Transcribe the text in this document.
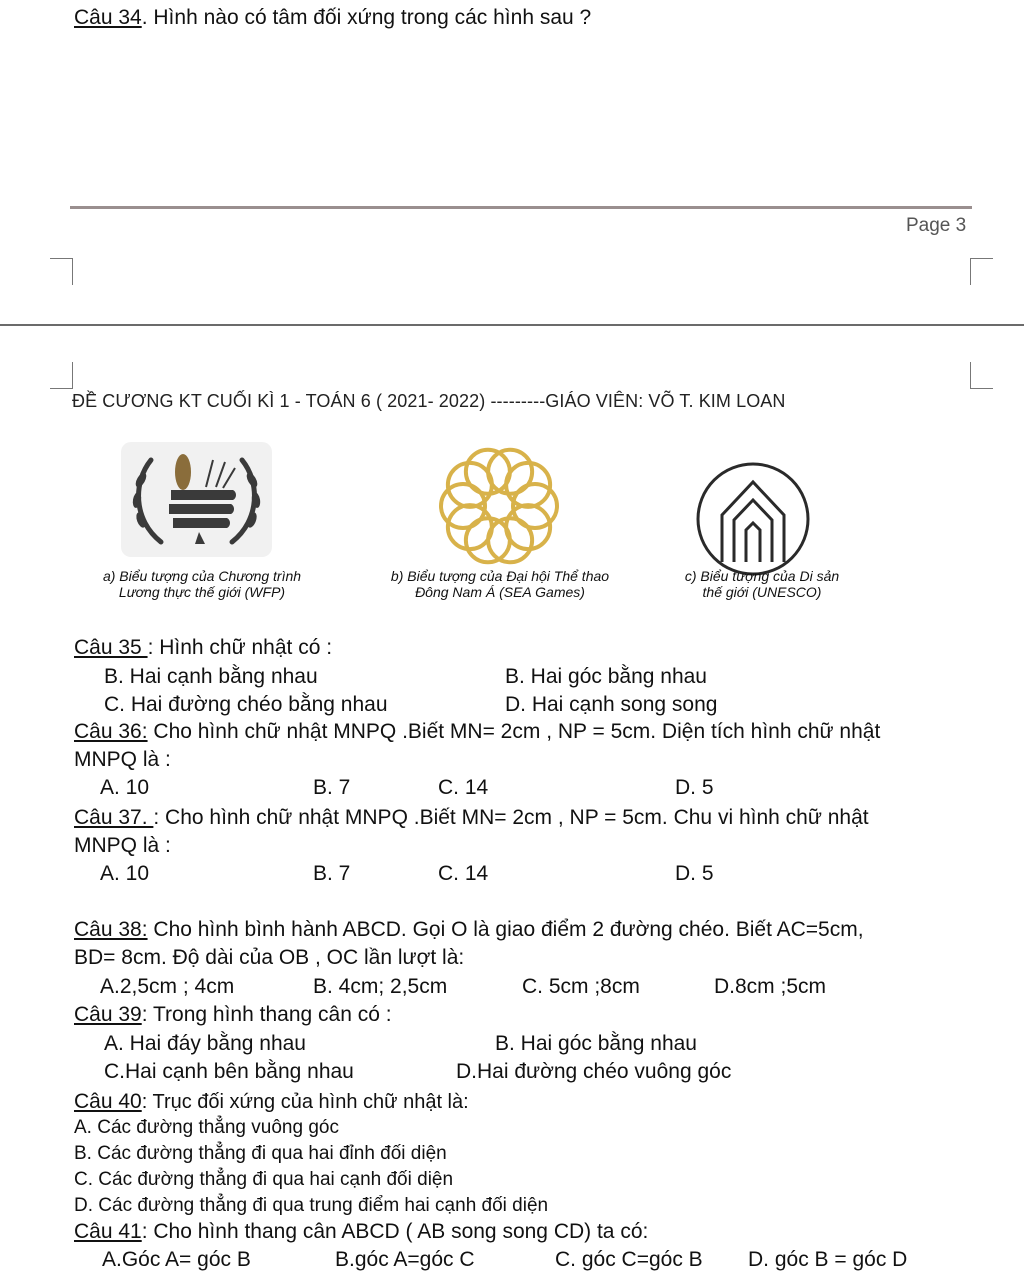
Câu 34. Hình nào có tâm đối xứng trong các hình sau ?
Page 3
ĐỀ CƯƠNG KT CUỐI KÌ 1 - TOÁN 6 ( 2021- 2022) ---------GIÁO VIÊN: VÕ T. KIM LOAN
a) Biểu tượng của Chương trình
Lương thực thế giới (WFP)
b) Biểu tượng của Đại hội Thể thao
Đông Nam Á (SEA Games)
c) Biểu tượng của Di sản
thế giới (UNESCO)
Câu 35 : Hình chữ nhật có :
B. Hai cạnh bằng nhau	B. Hai góc bằng nhau
C. Hai đường chéo bằng nhau	D. Hai cạnh song song
Câu 36: Cho hình chữ nhật MNPQ .Biết MN= 2cm , NP = 5cm. Diện tích hình chữ nhật
MNPQ là :
A. 10	B. 7	C. 14	D. 5
Câu 37. : Cho hình chữ nhật MNPQ .Biết MN= 2cm , NP = 5cm. Chu vi hình chữ nhật
MNPQ là :
A. 10	B. 7	C. 14	D. 5
Câu 38: Cho hình bình hành ABCD. Gọi O là giao điểm 2 đường chéo. Biết AC=5cm,
BD= 8cm. Độ dài của OB , OC lần lượt là:
A.2,5cm ; 4cm	B. 4cm; 2,5cm	C. 5cm ;8cm	D.8cm ;5cm
Câu 39: Trong hình thang cân có :
A. Hai đáy bằng nhau	B. Hai góc bằng nhau
C.Hai cạnh bên bằng nhau	D.Hai đường chéo vuông góc
Câu 40: Trục đối xứng của hình chữ nhật là:
A. Các đường thẳng vuông góc
B. Các đường thẳng đi qua hai đỉnh đối diện
C. Các đường thẳng đi qua hai cạnh đối diện
D. Các đường thẳng đi qua trung điểm hai cạnh đối diện
Câu 41: Cho hình thang cân ABCD ( AB song song CD) ta có:
A.Góc A= góc B	B.góc A=góc C	C. góc C=góc B D. góc B = góc D
